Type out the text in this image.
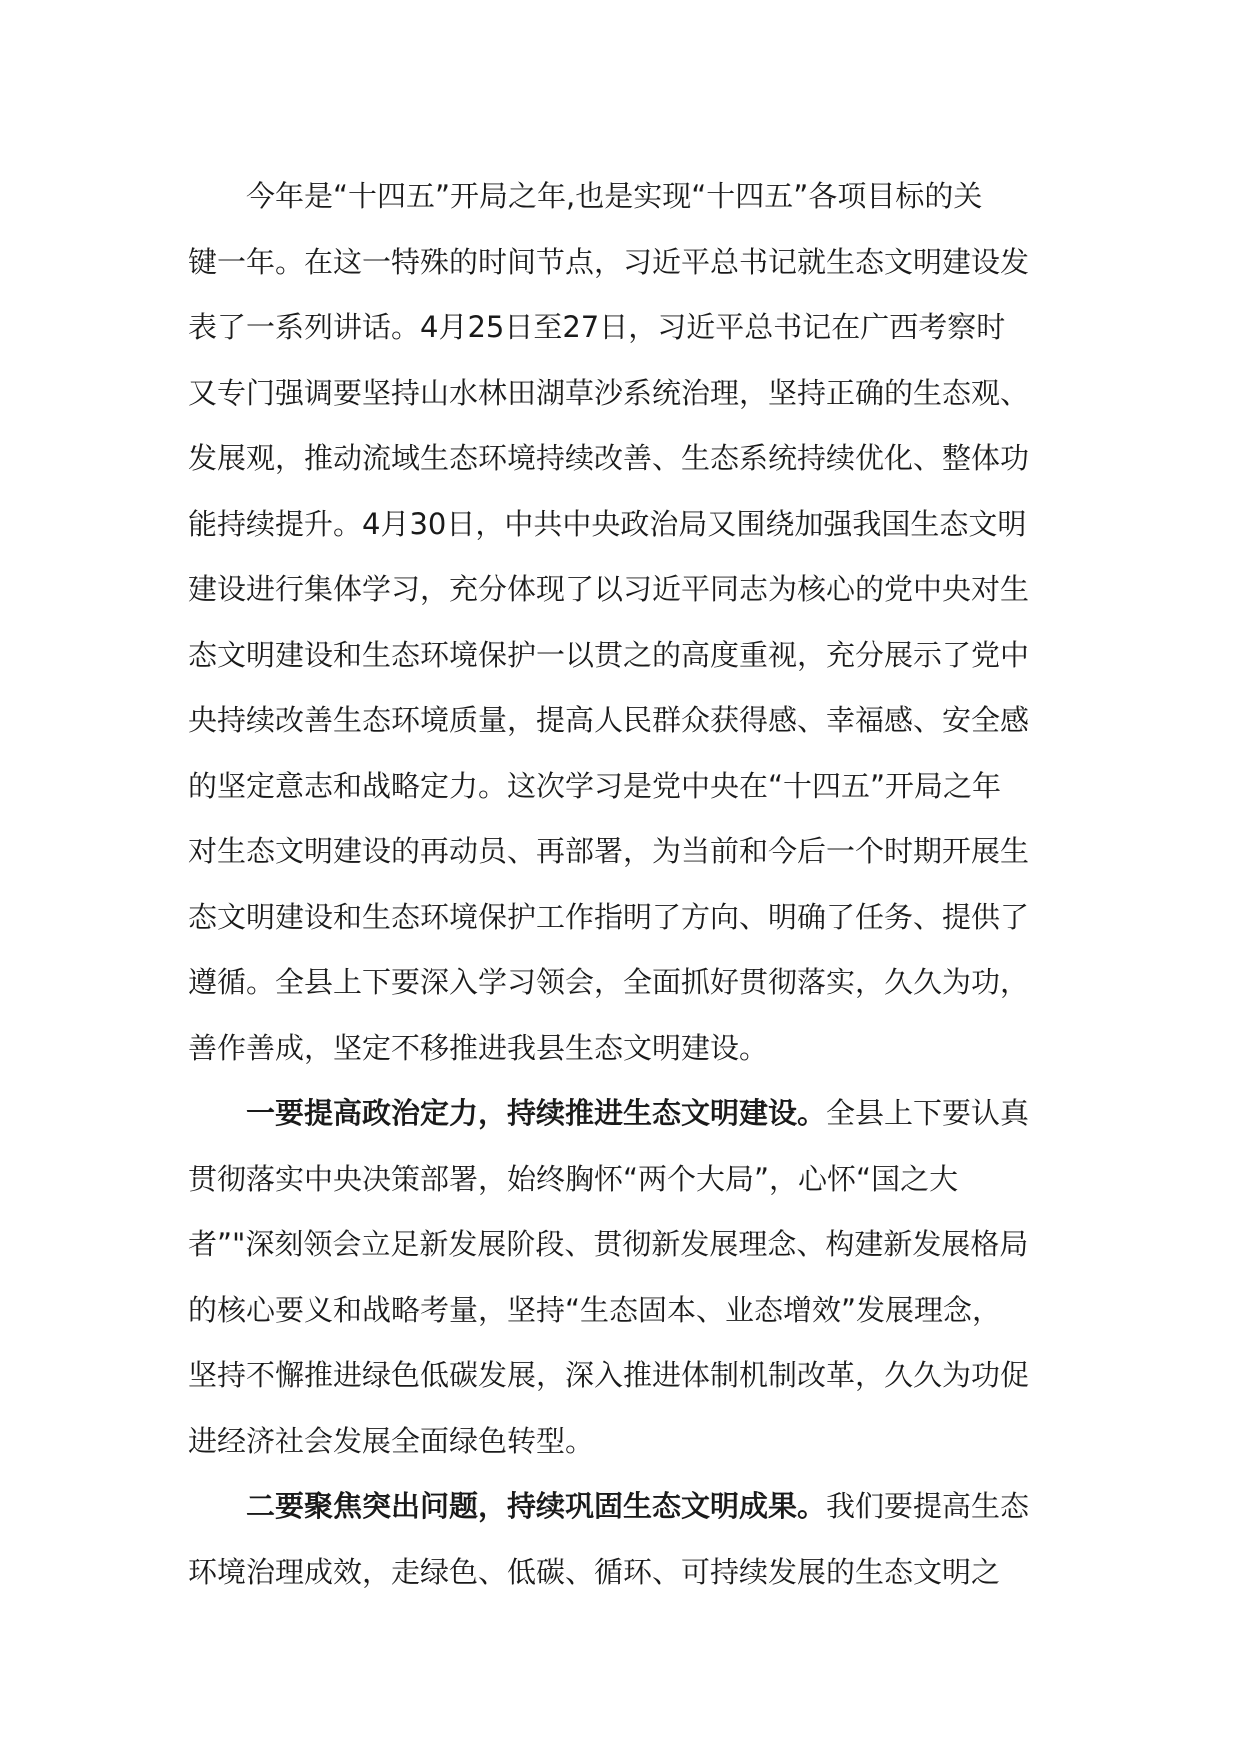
今年是“十四五”开局之年,也是实现“十四五”各项目标的关
键一年。在这一特殊的时间节点，习近平总书记就生态文明建设发
表了一系列讲话。4月25日至27日，习近平总书记在广西考察时
又专门强调要坚持山水林田湖草沙系统治理，坚持正确的生态观、
发展观，推动流域生态环境持续改善、生态系统持续优化、整体功
能持续提升。4月30日，中共中央政治局又围绕加强我国生态文明
建设进行集体学习，充分体现了以习近平同志为核心的党中央对生
态文明建设和生态环境保护一以贯之的高度重视，充分展示了党中
央持续改善生态环境质量，提高人民群众获得感、幸福感、安全感
的坚定意志和战略定力。这次学习是党中央在“十四五”开局之年
对生态文明建设的再动员、再部署，为当前和今后一个时期开展生
态文明建设和生态环境保护工作指明了方向、明确了任务、提供了
遵循。全县上下要深入学习领会，全面抓好贯彻落实，久久为功，
善作善成，坚定不移推进我县生态文明建设。
一要提高政治定力，持续推进生态文明建设。全县上下要认真
贯彻落实中央决策部署，始终胸怀“两个大局”，心怀“国之大
者”"深刻领会立足新发展阶段、贯彻新发展理念、构建新发展格局
的核心要义和战略考量，坚持“生态固本、业态增效”发展理念，
坚持不懈推进绿色低碳发展，深入推进体制机制改革，久久为功促
进经济社会发展全面绿色转型。
二要聚焦突出问题，持续巩固生态文明成果。我们要提高生态
环境治理成效，走绿色、低碳、循环、可持续发展的生态文明之
